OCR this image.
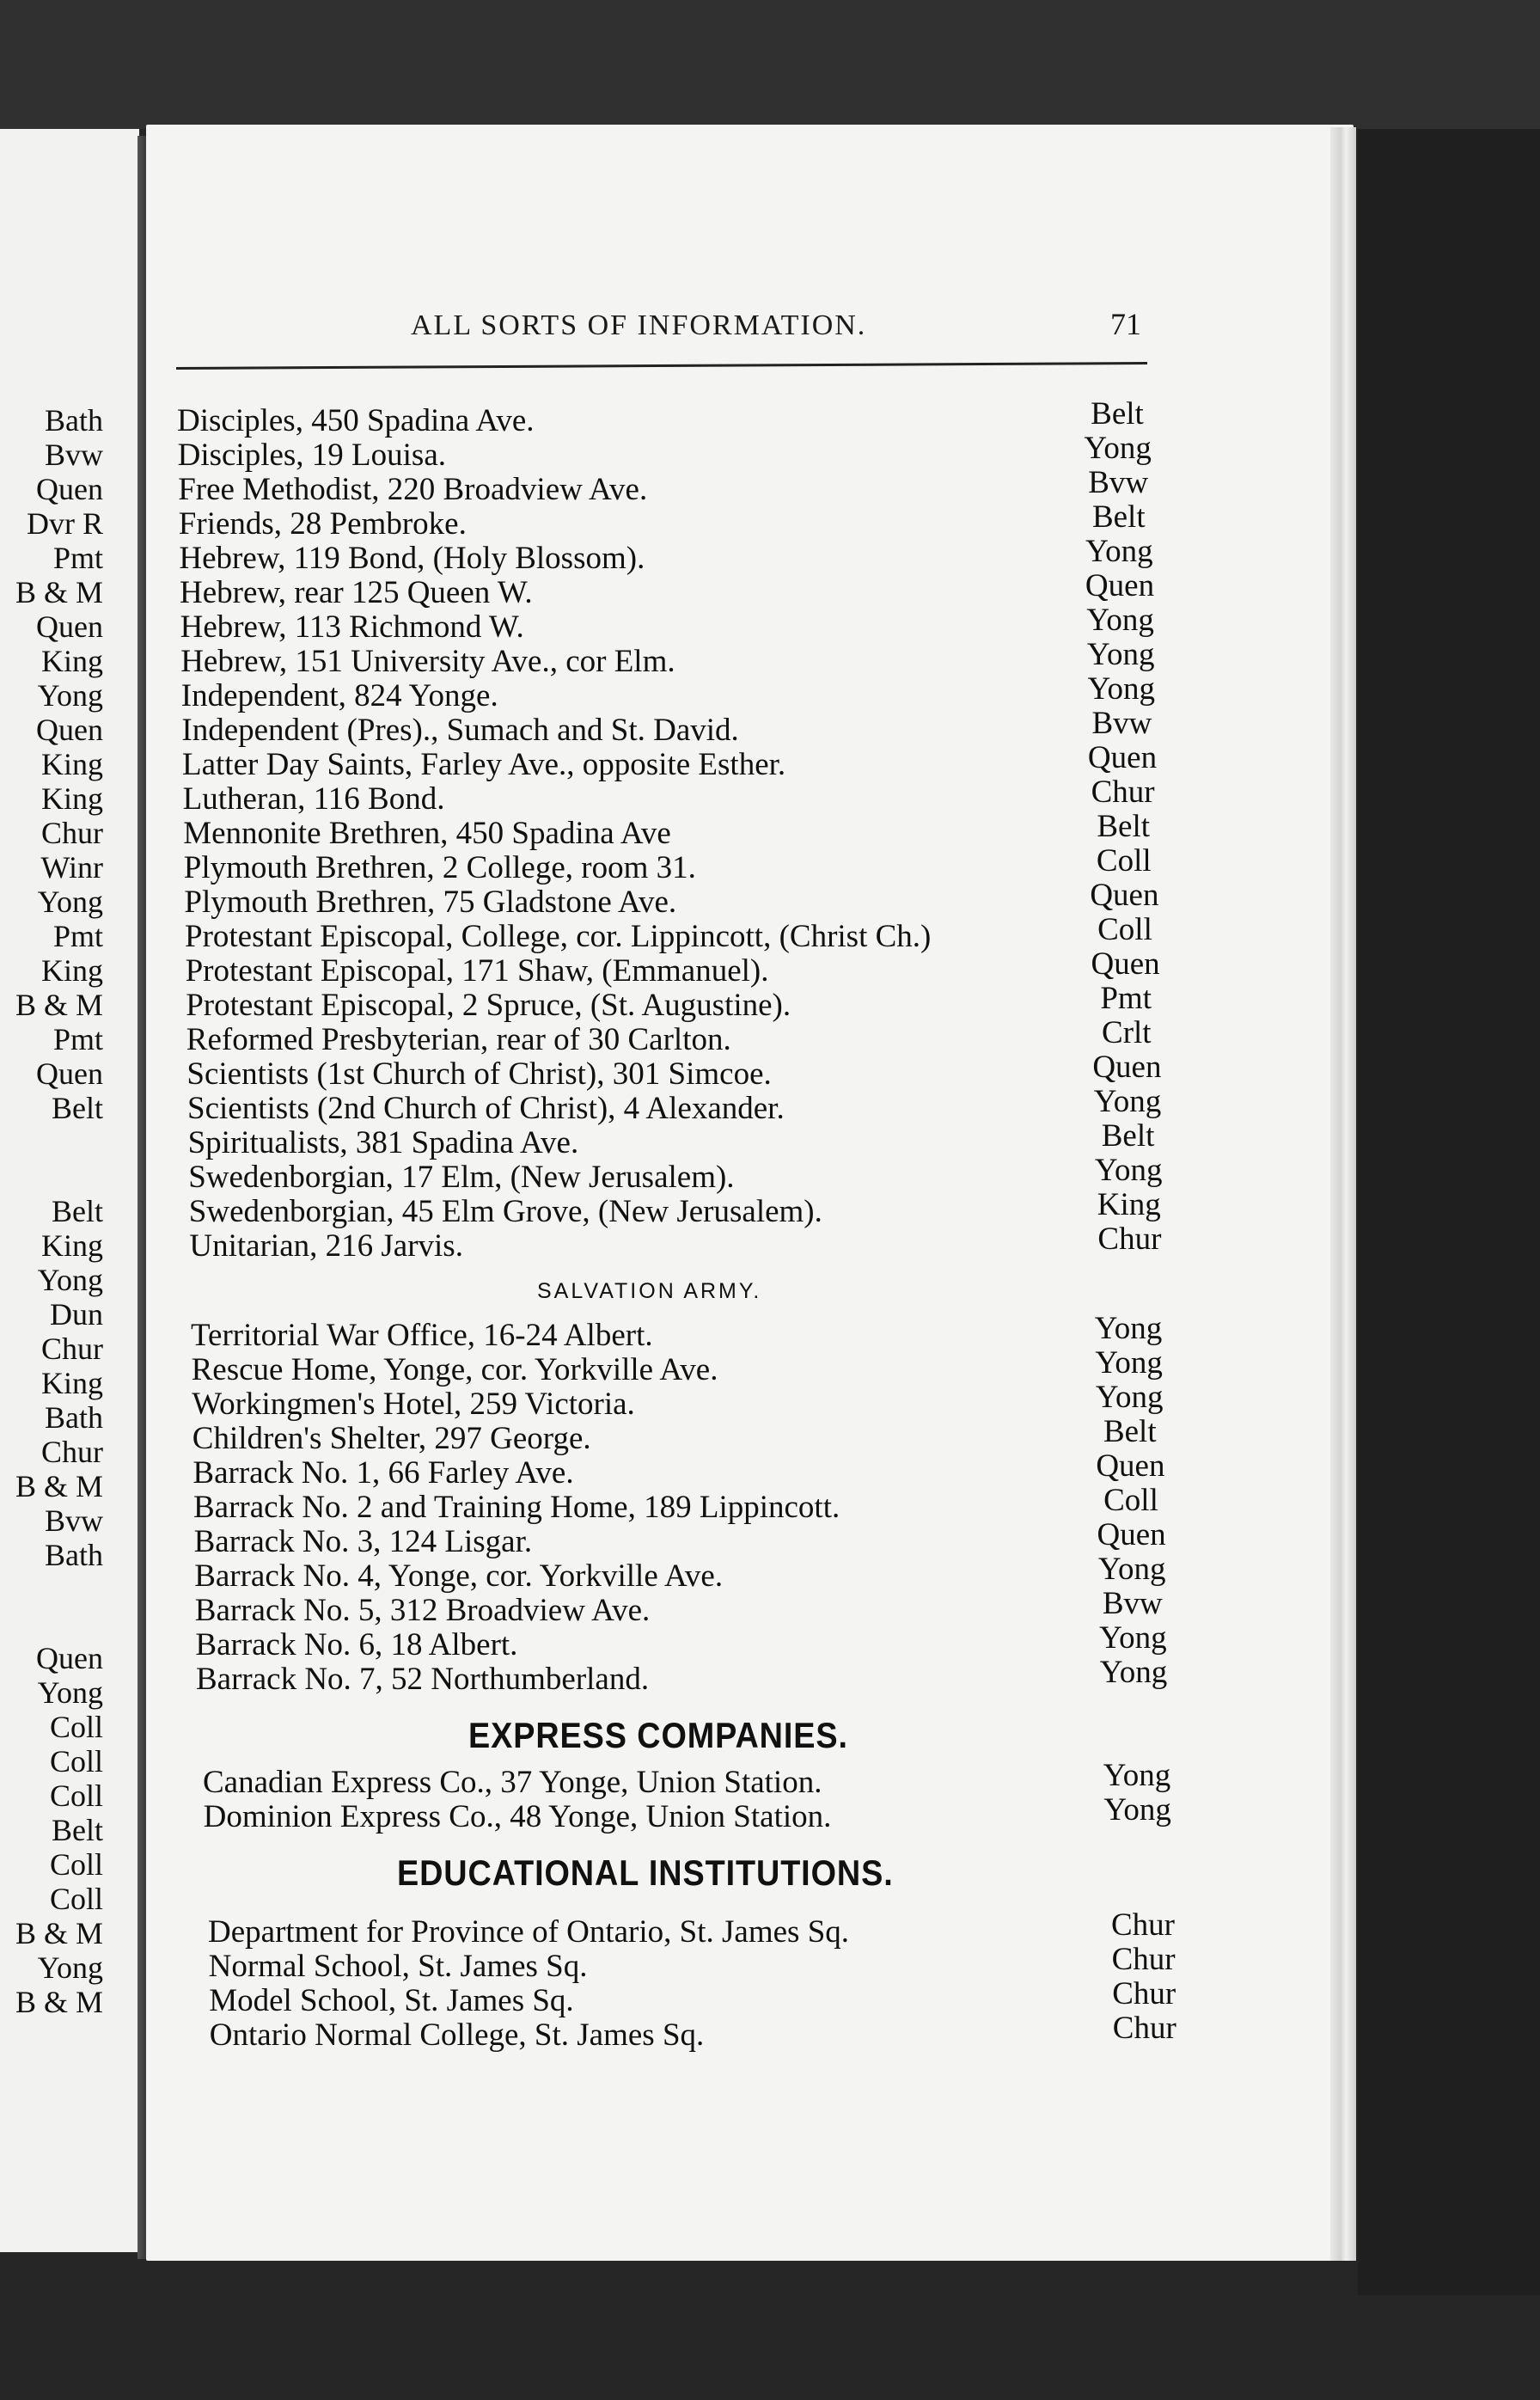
ALL SORTS OF INFORMATION.	71
Bath
Bvw
Quen
Dvr R
Pmt
B & M
Quen
King
Yong
Quen
King
King
Chur
Winr
Yong
Pmt
King
B & M
Pmt
Quen
Belt
Belt
King
Yong
Dun
Chur
King
Bath
Chur
B & M
Bvw
Bath
Quen
Yong
Coll
Coll
Coll
Belt
Coll
Coll
B & M
Yong
B & M
Disciples, 450 Spadina Ave.	Belt
Disciples, 19 Louisa.	Yong
Free Methodist, 220 Broadview Ave.	Bvw
Friends, 28 Pembroke.	Belt
Hebrew, 119 Bond, (Holy Blossom).	Yong
Hebrew, rear 125 Queen W.	Quen
Hebrew, 113 Richmond W.	Yong
Hebrew, 151 University Ave., cor Elm.	Yong
Independent, 824 Yonge.	Yong
Independent (Pres)., Sumach and St. David.	Bvw
Latter Day Saints, Farley Ave., opposite Esther.	Quen
Lutheran, 116 Bond.	Chur
Mennonite Brethren, 450 Spadina Ave	Belt
Plymouth Brethren, 2 College, room 31.	Coll
Plymouth Brethren, 75 Gladstone Ave.	Quen
Protestant Episcopal, College, cor. Lippincott, (Christ Ch.)	Coll
Protestant Episcopal, 171 Shaw, (Emmanuel).	Quen
Protestant Episcopal, 2 Spruce, (St. Augustine).	Pmt
Reformed Presbyterian, rear of 30 Carlton.	Crlt
Scientists (1st Church of Christ), 301 Simcoe.	Quen
Scientists (2nd Church of Christ), 4 Alexander.	Yong
Spiritualists, 381 Spadina Ave.	Belt
Swedenborgian, 17 Elm, (New Jerusalem).	Yong
Swedenborgian, 45 Elm Grove, (New Jerusalem).	King
Unitarian, 216 Jarvis.	Chur
Territorial War Office, 16-24 Albert.	Yong
Rescue Home, Yonge, cor. Yorkville Ave.	Yong
Workingmen's Hotel, 259 Victoria.	Yong
Children's Shelter, 297 George.	Belt
Barrack No. 1, 66 Farley Ave.	Quen
Barrack No. 2 and Training Home, 189 Lippincott.	Coll
Barrack No. 3, 124 Lisgar.	Quen
Barrack No. 4, Yonge, cor. Yorkville Ave.	Yong
Barrack No. 5, 312 Broadview Ave.	Bvw
Barrack No. 6, 18 Albert.	Yong
Barrack No. 7, 52 Northumberland.	Yong
Canadian Express Co., 37 Yonge, Union Station.	Yong
Dominion Express Co., 48 Yonge, Union Station.	Yong
Department for Province of Ontario, St. James Sq.	Chur
Normal School, St. James Sq.	Chur
Model School, St. James Sq.	Chur
Ontario Normal College, St. James Sq.	Chur
SALVATION ARMY.
EXPRESS COMPANIES.
EDUCATIONAL INSTITUTIONS.
